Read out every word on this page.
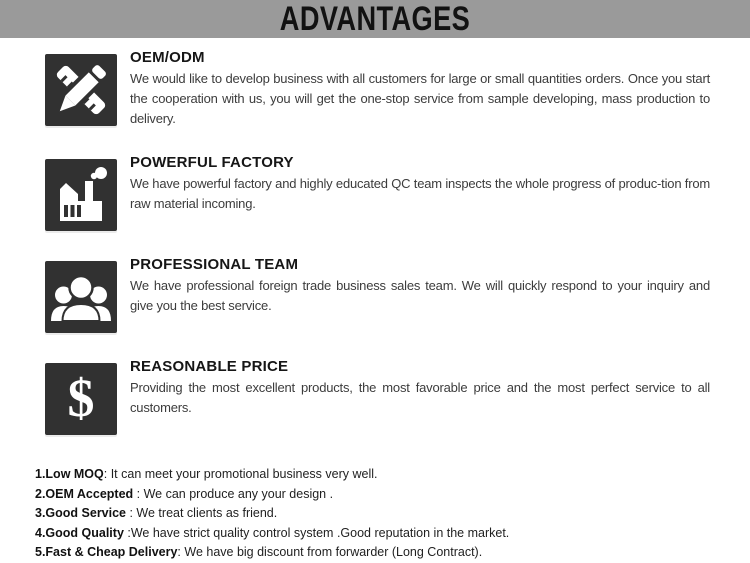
ADVANTAGES
OEM/ODM

We would like to develop business with all customers for large or small quantities orders. Once you start the cooperation with us, you will get the one-stop service from sample developing, mass production to delivery.

POWERFUL FACTORY

We have powerful factory and highly educated QC team inspects the whole progress of produc-tion from raw material incoming.

PROFESSIONAL TEAM

We have professional foreign trade business sales team. We will quickly respond to your inquiry and give you the best service.

$
REASONABLE PRICE

Providing the most excellent products, the most favorable price and the most perfect service to all customers.

1.Low MOQ: It can meet your promotional business very well.
2.OEM Accepted : We can produce any your design .
3.Good Service : We treat clients as friend.
4.Good Quality :We have strict quality control system .Good reputation in the market.
5.Fast & Cheap Delivery: We have big discount from forwarder (Long Contract).
